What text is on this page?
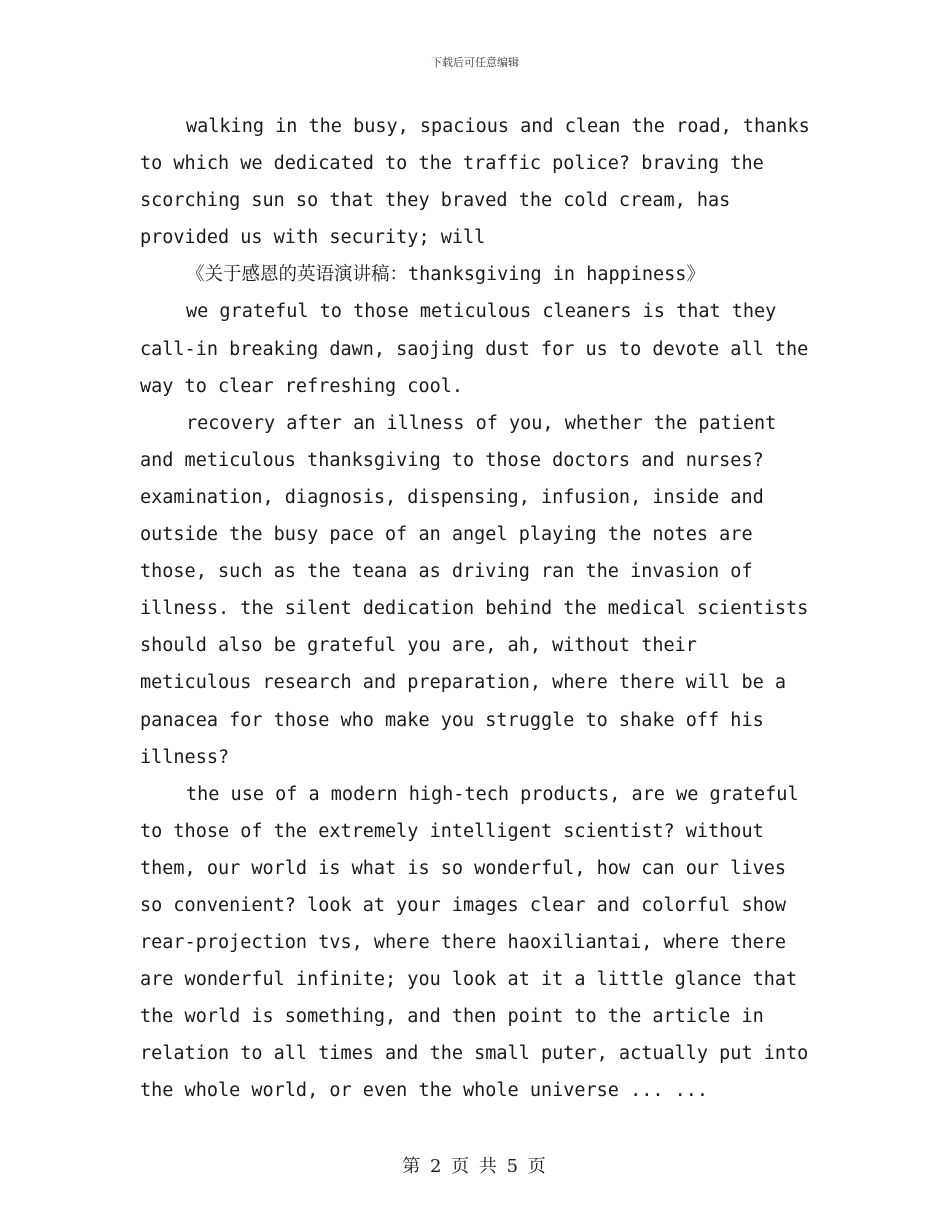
下载后可任意编辑

walking in the busy, spacious and clean the road, thanks to which we dedicated to the traffic police? braving the scorching sun so that they braved the cold cream, has provided us with security; will

《关于感恩的英语演讲稿：thanksgiving in happiness》

we grateful to those meticulous cleaners is that they call-in breaking dawn, saojing dust for us to devote all the way to clear refreshing cool.

recovery after an illness of you, whether the patient and meticulous thanksgiving to those doctors and nurses? examination, diagnosis, dispensing, infusion, inside and outside the busy pace of an angel playing the notes are those, such as the teana as driving ran the invasion of illness. the silent dedication behind the medical scientists should also be grateful you are, ah, without their meticulous research and preparation, where there will be a panacea for those who make you struggle to shake off his illness?

the use of a modern high-tech products, are we grateful to those of the extremely intelligent scientist? without them, our world is what is so wonderful, how can our lives so convenient? look at your images clear and colorful show rear-projection tvs, where there haoxiliantai, where there are wonderful infinite; you look at it a little glance that the world is something, and then point to the article in relation to all times and the small puter, actually put into the whole world, or even the whole universe ... ...

第 2 页 共 5 页
